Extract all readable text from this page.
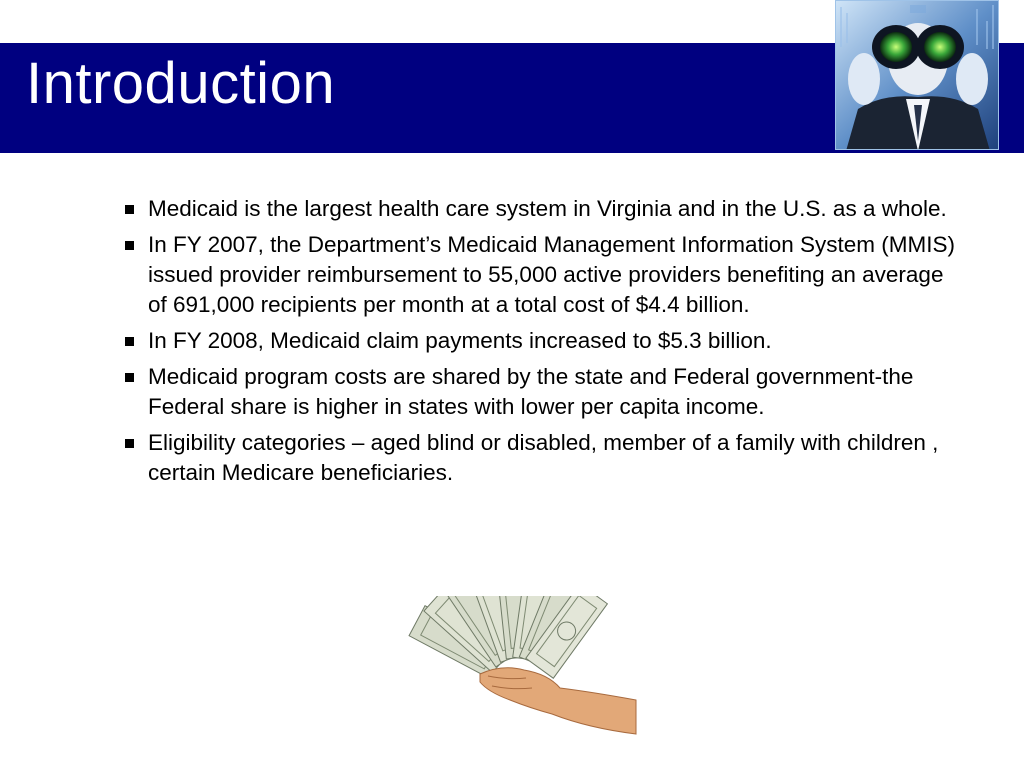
Introduction
Medicaid is the largest health care system in Virginia and in the U.S. as a whole.
In FY 2007, the Department’s Medicaid Management Information System (MMIS) issued provider reimbursement to 55,000 active providers benefiting an average of 691,000 recipients per month at a total cost of $4.4 billion.
In FY 2008, Medicaid claim payments increased to $5.3 billion.
Medicaid program costs are shared by the state and Federal government-the Federal share is higher in states with lower per capita income.
Eligibility categories – aged blind or disabled, member of a family with children , certain Medicare beneficiaries.
